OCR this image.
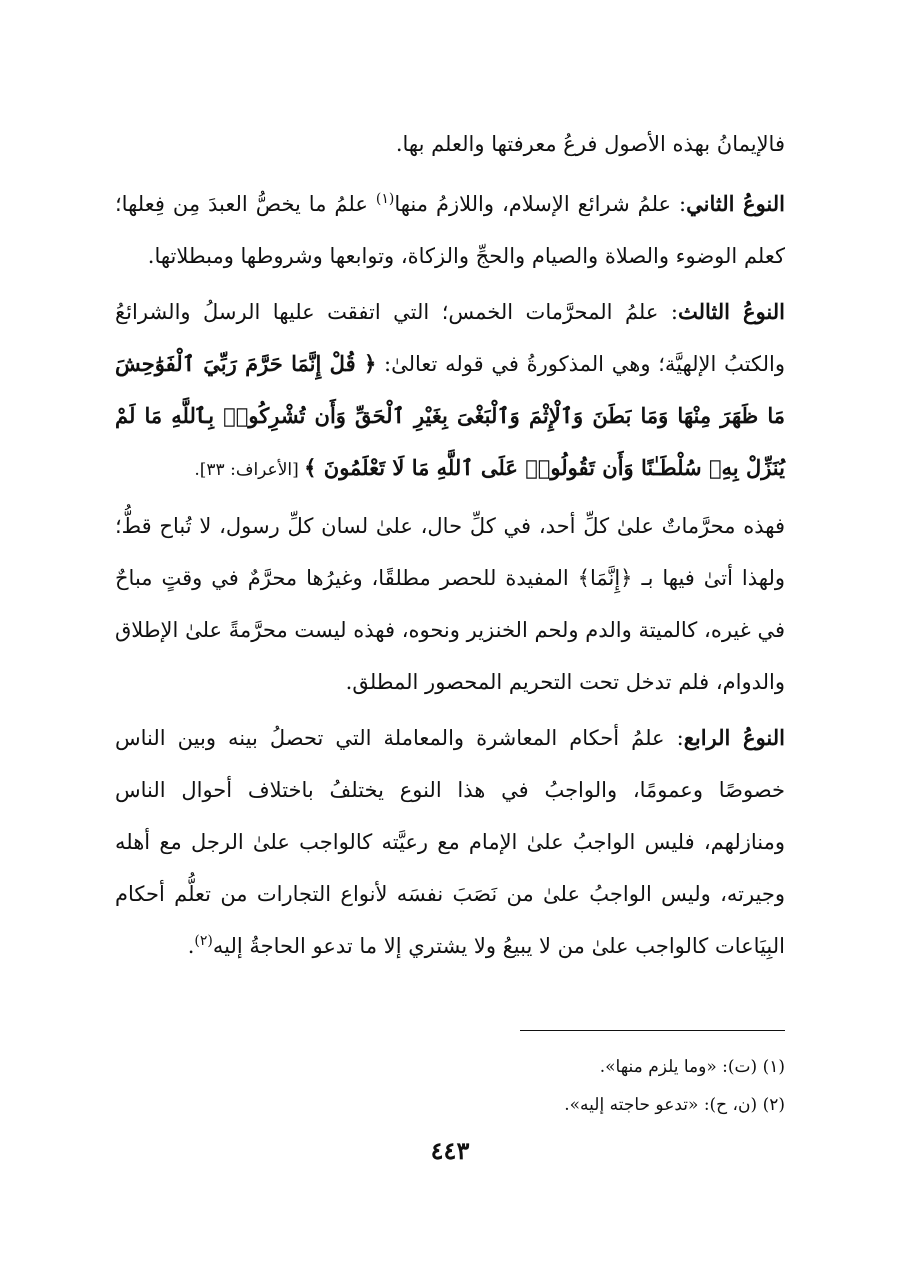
فالإيمانُ بهذه الأصول فرعُ معرفتها والعلم بها.

النوعُ الثاني: علمُ شرائع الإسلام، واللازمُ منها$^{(١)}$ علمُ ما يخصُّ العبدَ مِن فِعلها؛ كعلم الوضوء والصلاة والصيام والحجِّ والزكاة، وتوابعها وشروطها ومبطلاتها.

النوعُ الثالث: علمُ المحرَّمات الخمس؛ التي اتفقت عليها الرسلُ والشرائعُ والكتبُ الإلهيَّة؛ وهي المذكورةُ في قوله تعالىٰ: ﴿ قُلْ إِنَّمَا حَرَّمَ رَبِّيَ ٱلْفَوَٰحِشَ مَا ظَهَرَ مِنْهَا وَمَا بَطَنَ وَٱلْإِثْمَ وَٱلْبَغْىَ بِغَيْرِ ٱلْحَقِّ وَأَن تُشْرِكُوا۟ بِٱللَّهِ مَا لَمْ يُنَزِّلْ بِهِۦ سُلْطَـٰنًا وَأَن تَقُولُوا۟ عَلَى ٱللَّهِ مَا لَا تَعْلَمُونَ ﴾ [الأعراف: ٣٣].

فهذه محرَّماتٌ علىٰ كلِّ أحد، في كلِّ حال، علىٰ لسان كلِّ رسول، لا تُباح قطُّ؛ ولهذا أتىٰ فيها بـ ﴿إِنَّمَا﴾ المفيدة للحصر مطلقًا، وغيرُها محرَّمٌ في وقتٍ مباحٌ في غيره، كالميتة والدم ولحم الخنزير ونحوه، فهذه ليست محرَّمةً علىٰ الإطلاق والدوام، فلم تدخل تحت التحريم المحصور المطلق.

النوعُ الرابع: علمُ أحكام المعاشرة والمعاملة التي تحصلُ بينه وبين الناس خصوصًا وعمومًا، والواجبُ في هذا النوع يختلفُ باختلاف أحوال الناس ومنازلهم، فليس الواجبُ علىٰ الإمام مع رعيَّته كالواجب علىٰ الرجل مع أهله وجيرته، وليس الواجبُ علىٰ من نَصَبَ نفسَه لأنواع التجارات من تعلُّم أحكام البِيَاعات كالواجب علىٰ من لا يبيعُ ولا يشتري إلا ما تدعو الحاجةُ إليه$^{(٢)}$.

(١) (ت): «وما يلزم منها».
(٢) (ن، ح): «تدعو حاجته إليه».
٤٤٣
